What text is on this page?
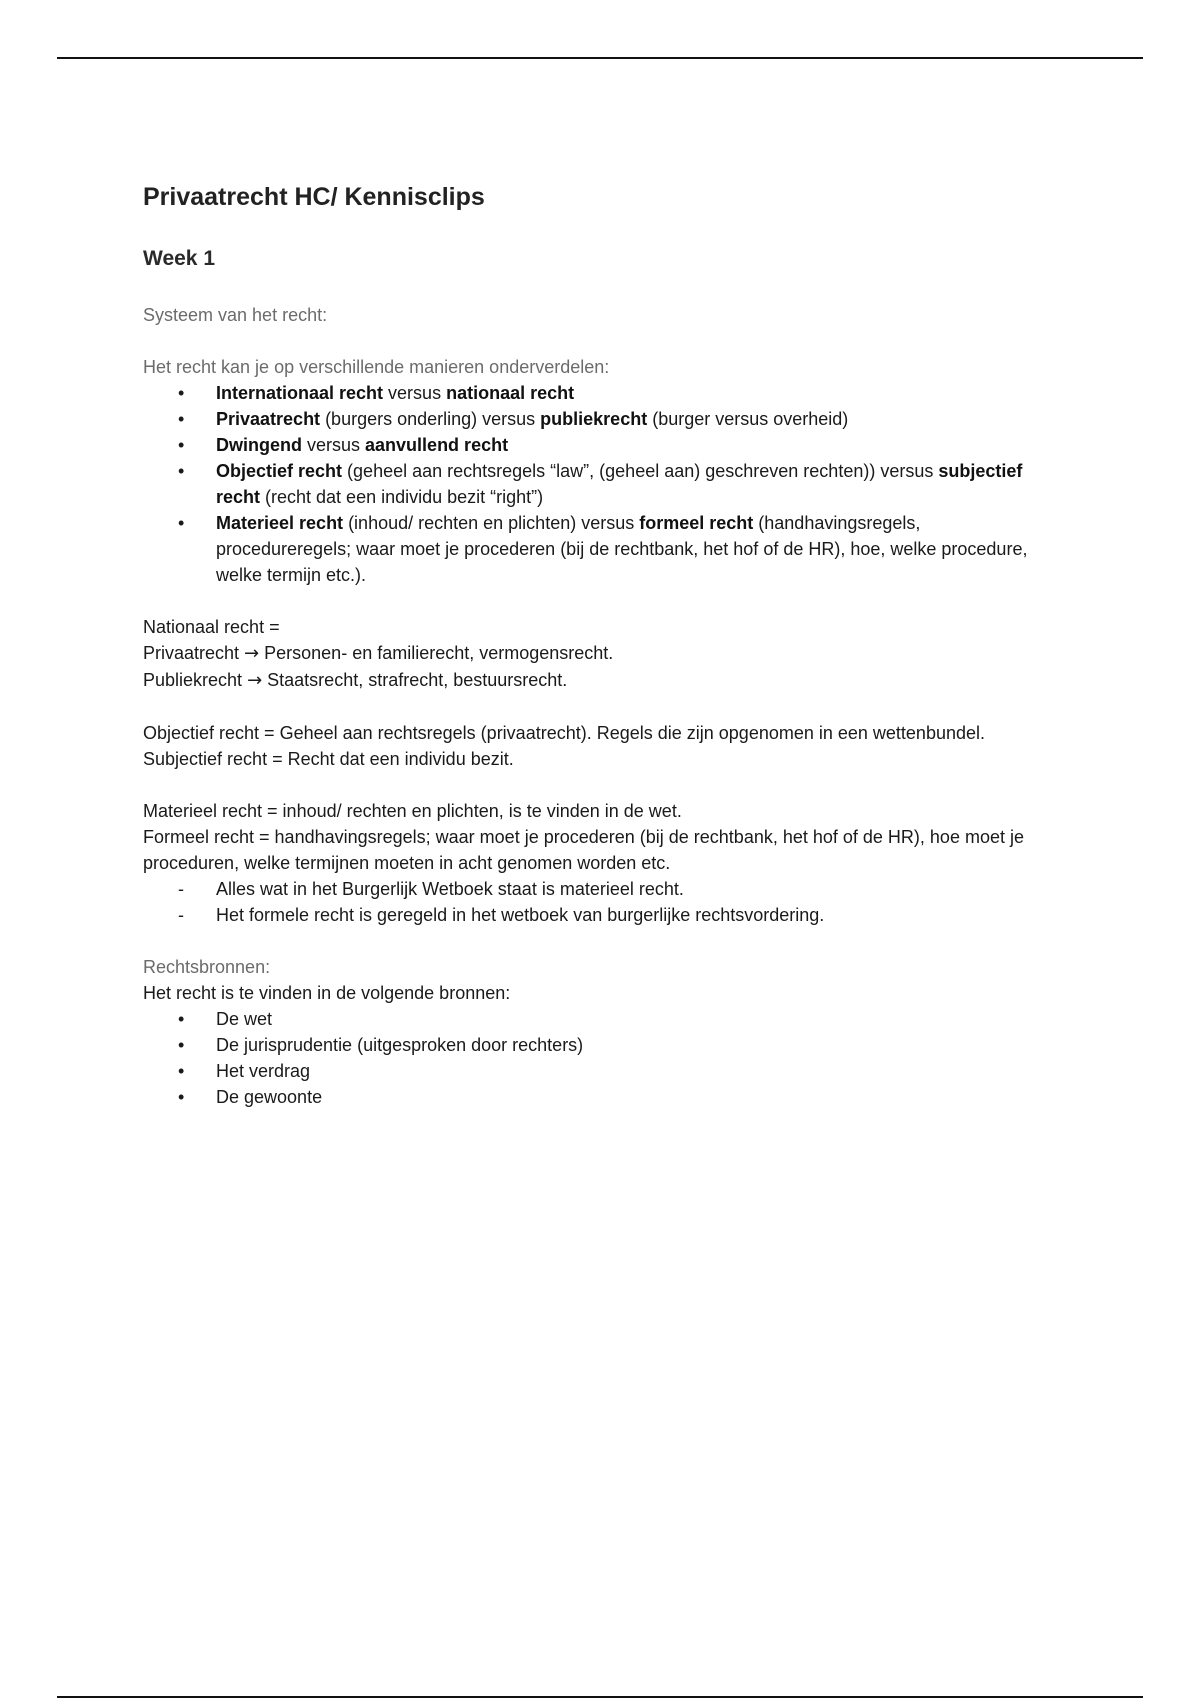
Privaatrecht HC/ Kennisclips
Week 1

Systeem van het recht:

Het recht kan je op verschillende manieren onderverdelen:

•	Internationaal recht versus nationaal recht
•	Privaatrecht (burgers onderling) versus publiekrecht (burger versus overheid)
•	Dwingend versus aanvullend recht
•	Objectief recht (geheel aan rechtsregels “law”, (geheel aan) geschreven rechten)) versus subjectief recht (recht dat een individu bezit “right”)
•	Materieel recht (inhoud/ rechten en plichten) versus formeel recht (handhavingsregels, procedureregels; waar moet je procederen (bij de rechtbank, het hof of de HR), hoe, welke procedure, welke termijn etc.).

Nationaal recht =

Privaatrecht → Personen- en familierecht, vermogensrecht.

Publiekrecht → Staatsrecht, strafrecht, bestuursrecht.

Objectief recht = Geheel aan rechtsregels (privaatrecht). Regels die zijn opgenomen in een wettenbundel.

Subjectief recht = Recht dat een individu bezit.

Materieel recht = inhoud/ rechten en plichten, is te vinden in de wet.

Formeel recht = handhavingsregels; waar moet je procederen (bij de rechtbank, het hof of de HR), hoe moet je proceduren, welke termijnen moeten in acht genomen worden etc.

-	Alles wat in het Burgerlijk Wetboek staat is materieel recht.
-	Het formele recht is geregeld in het wetboek van burgerlijke rechtsvordering.

Rechtsbronnen:

Het recht is te vinden in de volgende bronnen:

•	De wet
•	De jurisprudentie (uitgesproken door rechters)
•	Het verdrag
•	De gewoonte
